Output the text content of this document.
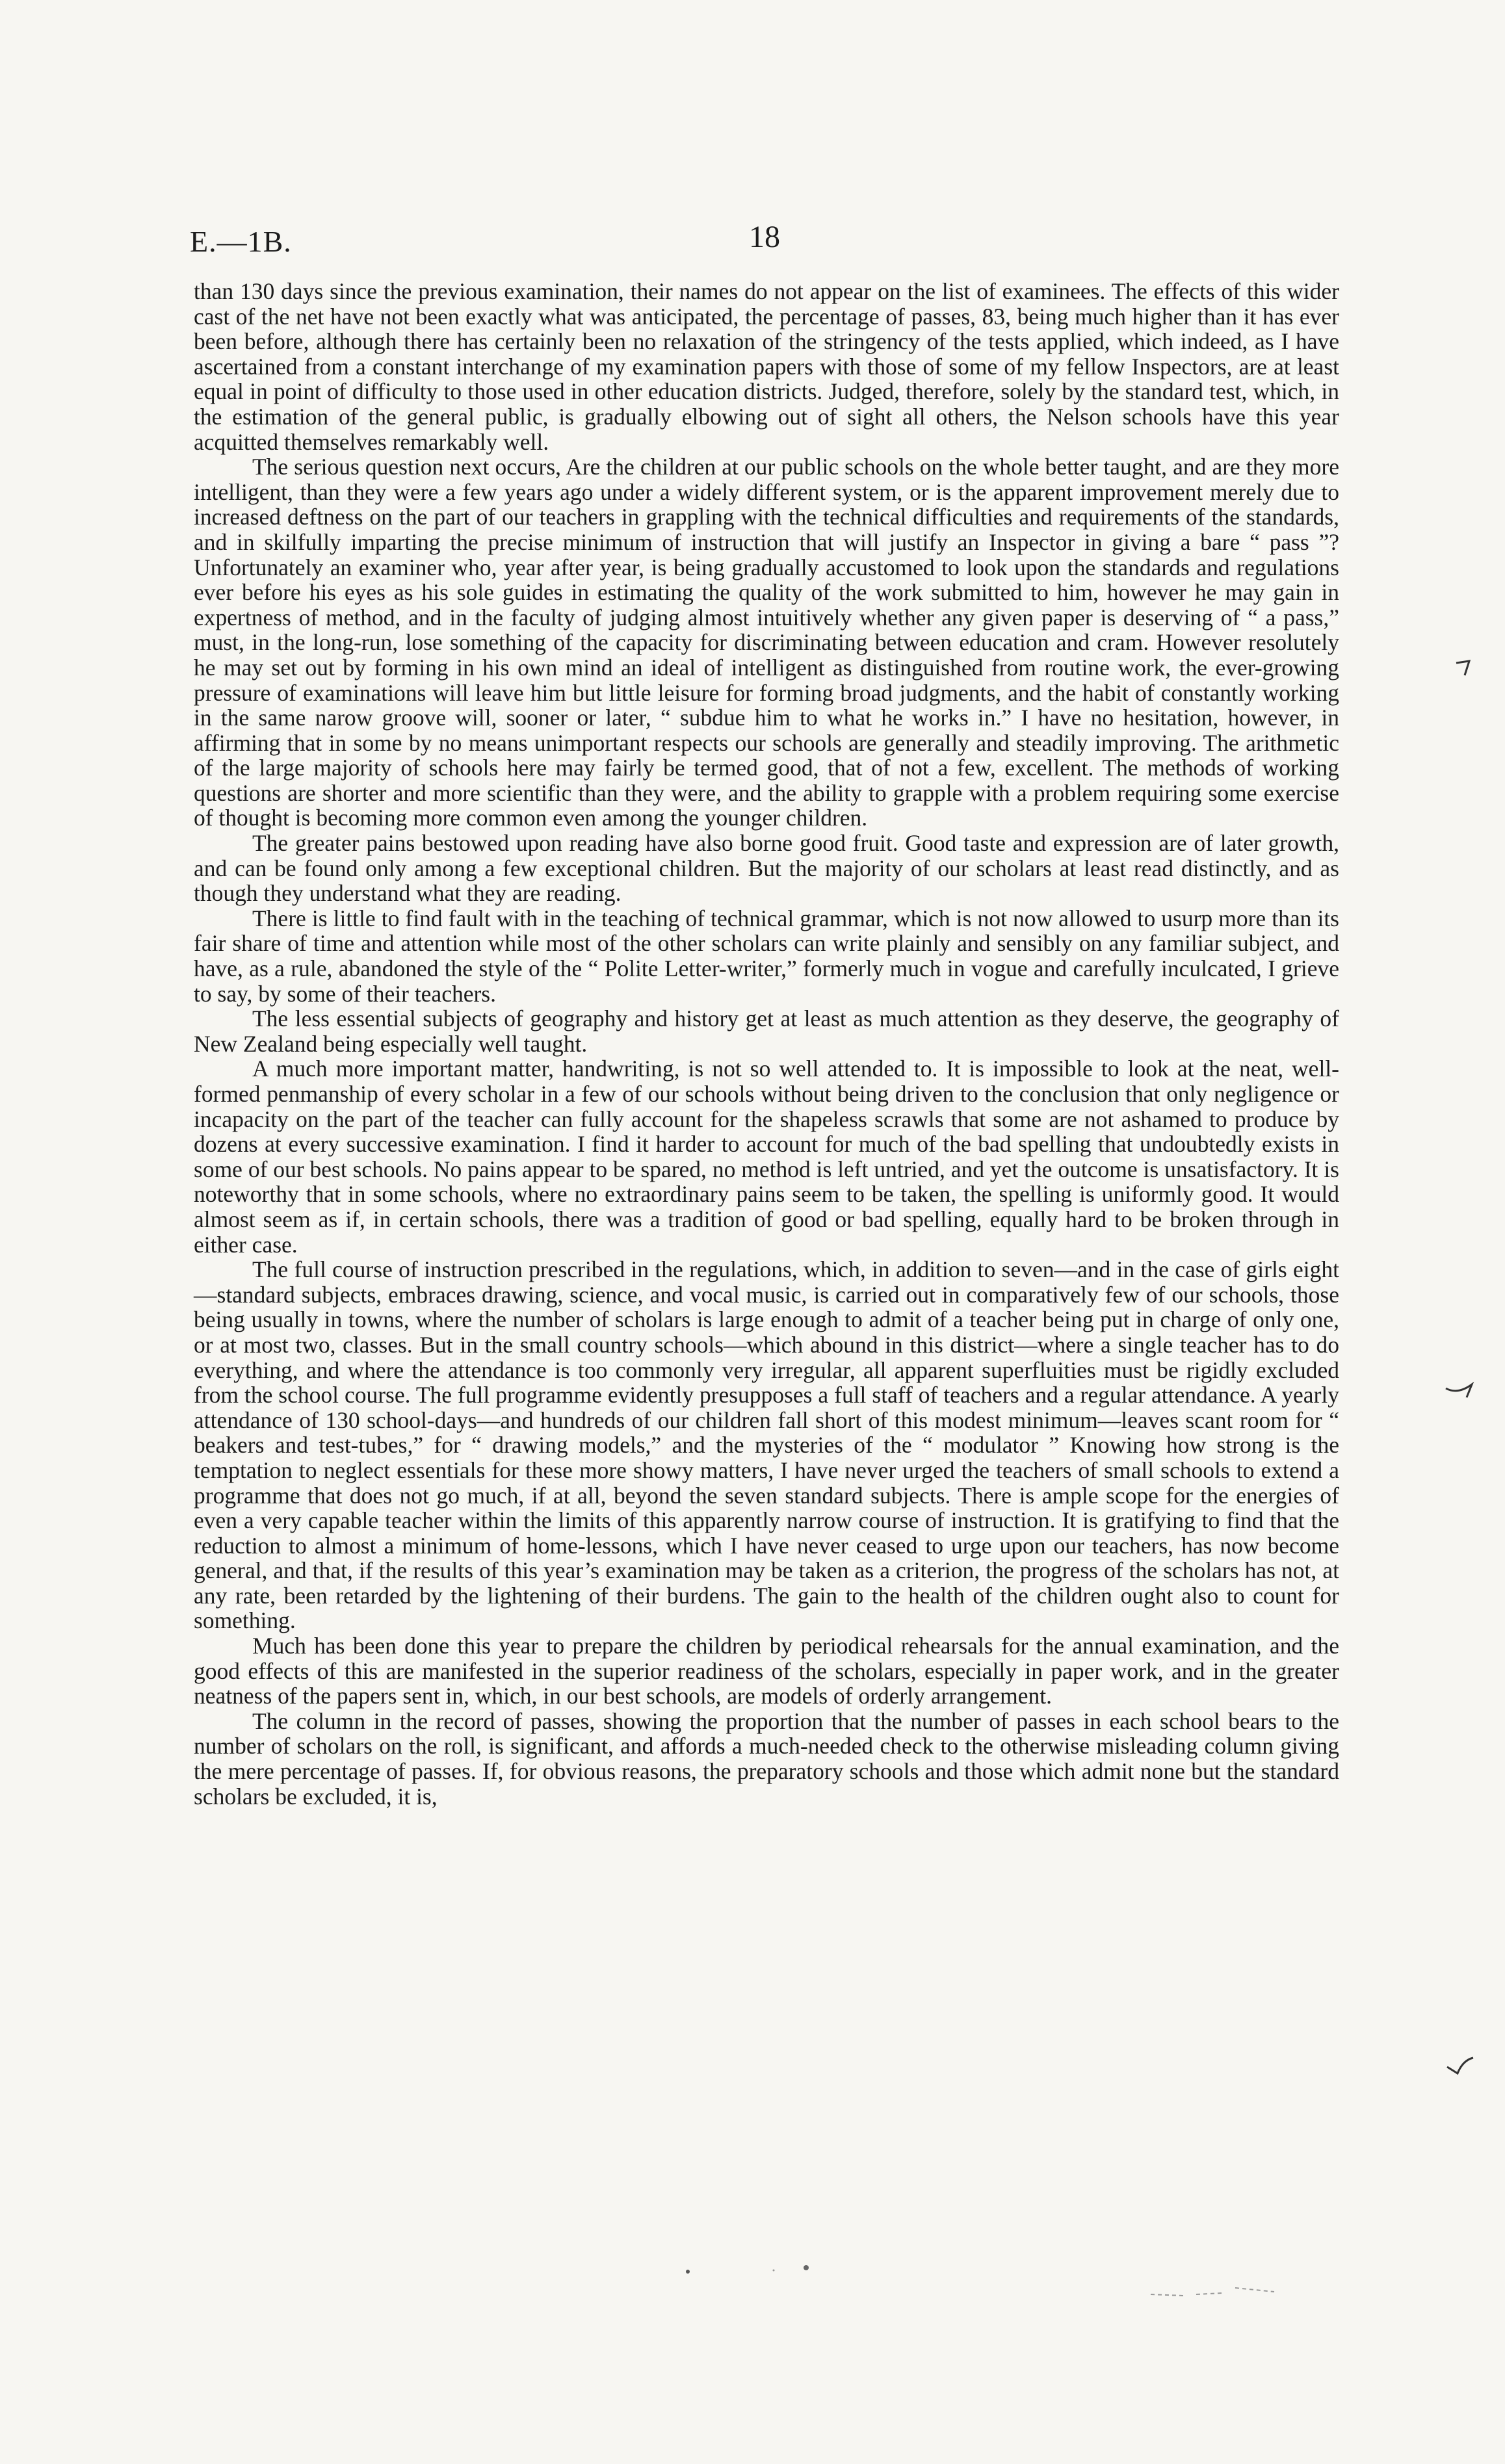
E.—1B.	18

than 130 days since the previous examination, their names do not appear on the list of examinees. The effects of this wider cast of the net have not been exactly what was anticipated, the percentage of passes, 83, being much higher than it has ever been before, although there has certainly been no relaxation of the stringency of the tests applied, which indeed, as I have ascertained from a constant interchange of my examination papers with those of some of my fellow Inspectors, are at least equal in point of difficulty to those used in other education districts. Judged, therefore, solely by the standard test, which, in the estimation of the general public, is gradually elbowing out of sight all others, the Nelson schools have this year acquitted themselves remarkably well.

The serious question next occurs, Are the children at our public schools on the whole better taught, and are they more intelligent, than they were a few years ago under a widely different system, or is the apparent improvement merely due to increased deftness on the part of our teachers in grappling with the technical difficulties and requirements of the standards, and in skilfully imparting the precise minimum of instruction that will justify an Inspector in giving a bare “ pass ”? Unfortunately an examiner who, year after year, is being gradually accustomed to look upon the standards and regulations ever before his eyes as his sole guides in estimating the quality of the work submitted to him, however he may gain in expertness of method, and in the faculty of judging almost intuitively whether any given paper is deserving of “ a pass,” must, in the long-run, lose something of the capacity for discriminating between education and cram. However resolutely he may set out by forming in his own mind an ideal of intelligent as distinguished from routine work, the ever-growing pressure of examinations will leave him but little leisure for forming broad judgments, and the habit of constantly working in the same narow groove will, sooner or later, “ subdue him to what he works in.” I have no hesitation, however, in affirming that in some by no means unimportant respects our schools are generally and steadily improving. The arithmetic of the large majority of schools here may fairly be termed good, that of not a few, excellent. The methods of working questions are shorter and more scientific than they were, and the ability to grapple with a problem requiring some exercise of thought is becoming more common even among the younger children.

The greater pains bestowed upon reading have also borne good fruit. Good taste and expression are of later growth, and can be found only among a few exceptional children. But the majority of our scholars at least read distinctly, and as though they understand what they are reading.

There is little to find fault with in the teaching of technical grammar, which is not now allowed to usurp more than its fair share of time and attention while most of the other scholars can write plainly and sensibly on any familiar subject, and have, as a rule, abandoned the style of the “ Polite Letter-writer,” formerly much in vogue and carefully inculcated, I grieve to say, by some of their teachers.

The less essential subjects of geography and history get at least as much attention as they deserve, the geography of New Zealand being especially well taught.

A much more important matter, handwriting, is not so well attended to. It is impossible to look at the neat, well-formed penmanship of every scholar in a few of our schools without being driven to the conclusion that only negligence or incapacity on the part of the teacher can fully account for the shapeless scrawls that some are not ashamed to produce by dozens at every successive examination. I find it harder to account for much of the bad spelling that undoubtedly exists in some of our best schools. No pains appear to be spared, no method is left untried, and yet the outcome is unsatisfactory. It is noteworthy that in some schools, where no extraordinary pains seem to be taken, the spelling is uniformly good. It would almost seem as if, in certain schools, there was a tradition of good or bad spelling, equally hard to be broken through in either case.

The full course of instruction prescribed in the regulations, which, in addition to seven—and in the case of girls eight—standard subjects, embraces drawing, science, and vocal music, is carried out in comparatively few of our schools, those being usually in towns, where the number of scholars is large enough to admit of a teacher being put in charge of only one, or at most two, classes. But in the small country schools—which abound in this district—where a single teacher has to do everything, and where the attendance is too commonly very irregular, all apparent superfluities must be rigidly excluded from the school course. The full programme evidently presupposes a full staff of teachers and a regular attendance. A yearly attendance of 130 school-days—and hundreds of our children fall short of this modest minimum—leaves scant room for “ beakers and test-tubes,” for “ drawing models,” and the mysteries of the “ modulator ” Knowing how strong is the temptation to neglect essentials for these more showy matters, I have never urged the teachers of small schools to extend a programme that does not go much, if at all, beyond the seven standard subjects. There is ample scope for the energies of even a very capable teacher within the limits of this apparently narrow course of instruction. It is gratifying to find that the reduction to almost a minimum of home-lessons, which I have never ceased to urge upon our teachers, has now become general, and that, if the results of this year’s examination may be taken as a criterion, the progress of the scholars has not, at any rate, been retarded by the lightening of their burdens. The gain to the health of the children ought also to count for something.

Much has been done this year to prepare the children by periodical rehearsals for the annual examination, and the good effects of this are manifested in the superior readiness of the scholars, especially in paper work, and in the greater neatness of the papers sent in, which, in our best schools, are models of orderly arrangement.

The column in the record of passes, showing the proportion that the number of passes in each school bears to the number of scholars on the roll, is significant, and affords a much-needed check to the otherwise misleading column giving the mere percentage of passes. If, for obvious reasons, the preparatory schools and those which admit none but the standard scholars be excluded, it is,
